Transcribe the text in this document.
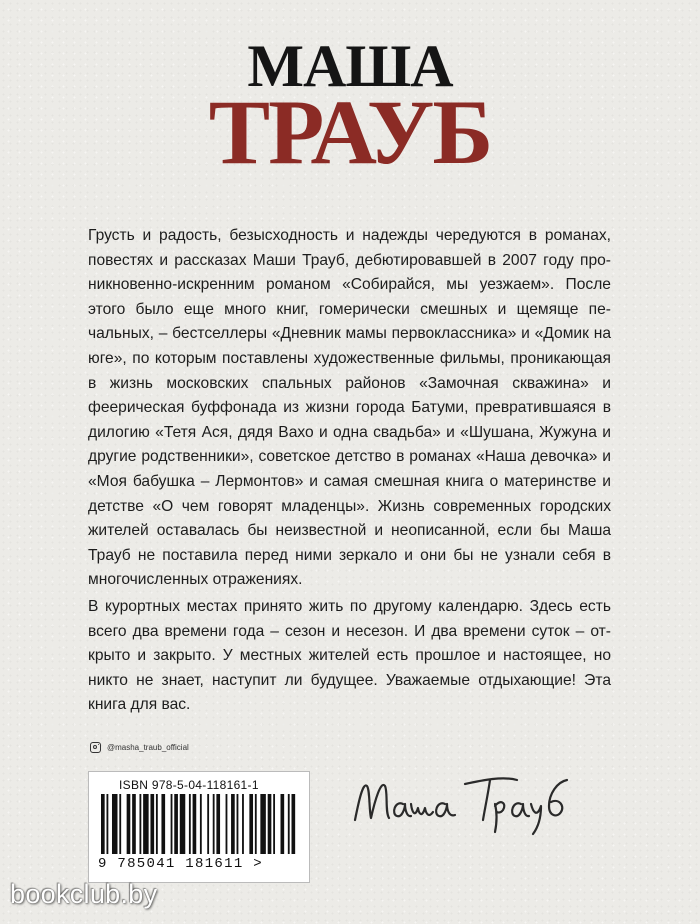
МАША
ТРАУБ

Грусть и радость, безысходность и надежды чередуются в романах, повестях и рассказах Маши Трауб, дебютировавшей в 2007 году проникновенно-искренним романом «Собирайся, мы уезжаем». После этого было еще много книг, гомерически смешных и щемяще печальных, – бестселлеры «Дневник мамы первоклассника» и «Домик на юге», по которым поставлены художественные фильмы, проникающая в жизнь московских спальных районов «Замочная скважина» и феерическая буффонада из жизни города Батуми, превратившаяся в дилогию «Тетя Ася, дядя Вахо и одна свадьба» и «Шушана, Жужуна и другие родственники», советское детство в романах «Наша девочка» и «Моя бабушка – Лермонтов» и самая смешная книга о материнстве и детстве «О чем говорят младенцы». Жизнь современных городских жителей оставалась бы неизвестной и неописанной, если бы Маша Трауб не поставила перед ними зеркало и они бы не узнали себя в многочисленных отражениях.

В курортных местах принято жить по другому календарю. Здесь есть всего два времени года – сезон и несезон. И два времени суток – открыто и закрыто. У местных жителей есть прошлое и настоящее, но никто не знает, наступит ли будущее. Уважаемые отдыхающие! Эта книга для вас.

@masha_traub_official
ISBN 978-5-04-118161-1
9 785041 181611 >
bookclub.by
